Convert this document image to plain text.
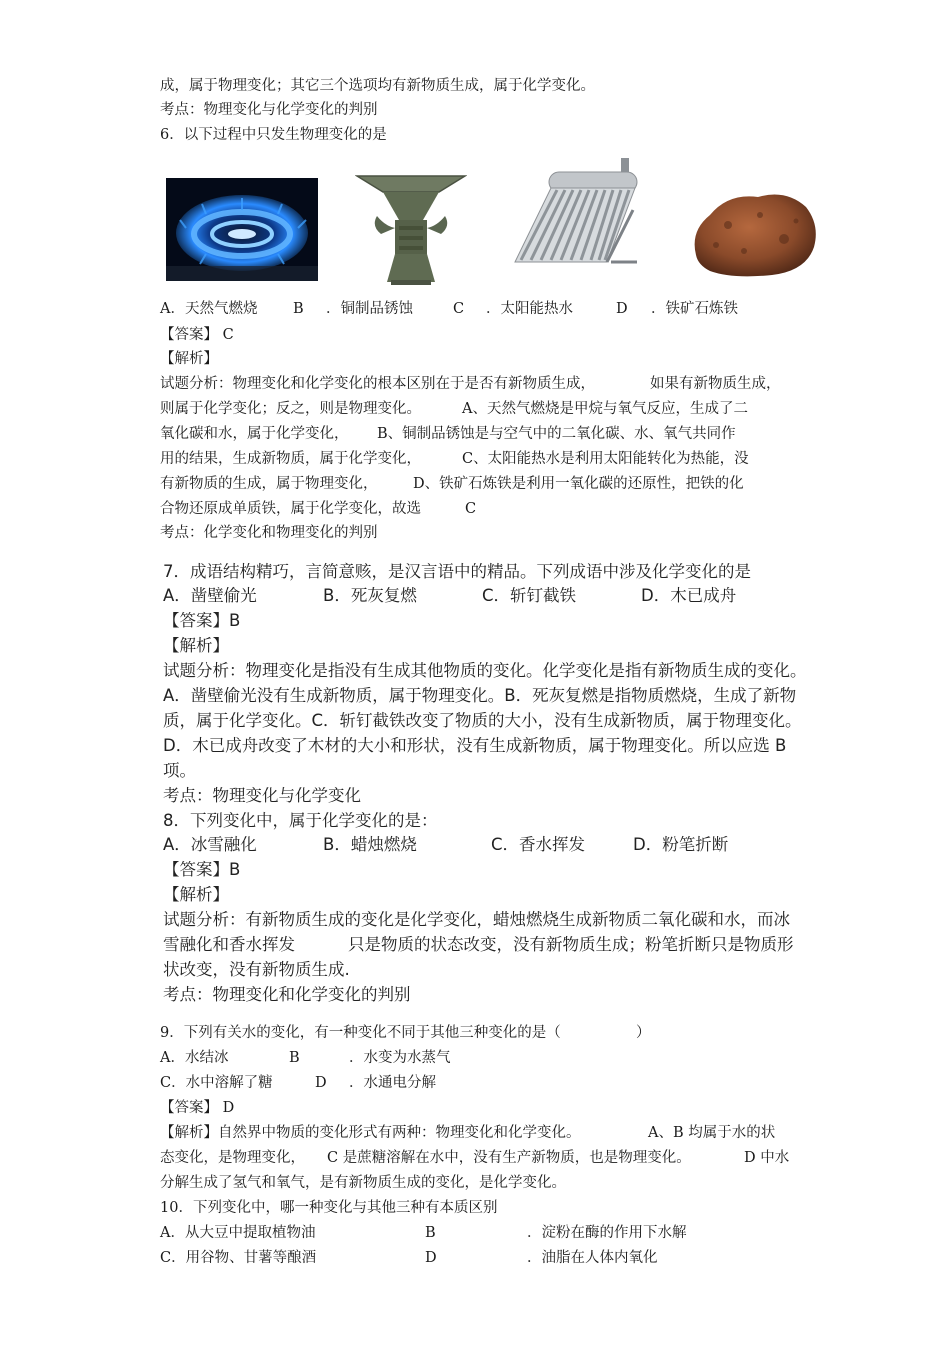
成，属于物理变化；其它三个选项均有新物质生成，属于化学变化。
考点：物理变化与化学变化的判别
6．以下过程中只发生物理变化的是
A．天然气燃烧 B ．铜制品锈蚀	C ．太阳能热水	D ．铁矿石炼铁
【答案】 C
【解析】
试题分析：物理变化和化学变化的根本区别在于是否有新物质生成，	如果有新物质生成，
则属于化学变化；反之，则是物理变化。	A、天然气燃烧是甲烷与氧气反应，生成了二
氧化碳和水，属于化学变化， B、铜制品锈蚀是与空气中的二氧化碳、水、氧气共同作
用的结果，生成新物质，属于化学变化，	C、太阳能热水是利用太阳能转化为热能，没
有新物质的生成，属于物理变化， D、铁矿石炼铁是利用一氧化碳的还原性，把铁的化
合物还原成单质铁，属于化学变化，故选	C
考点：化学变化和物理变化的判别
7．成语结构精巧，言简意赅，是汉言语中的精品。下列成语中涉及化学变化的是
A．凿壁偷光	B．死灰复燃	C．斩钉截铁	D．木已成舟
【答案】B
【解析】
试题分析：物理变化是指没有生成其他物质的变化。化学变化是指有新物质生成的变化。
A．凿壁偷光没有生成新物质，属于物理变化。B．死灰复燃是指物质燃烧，生成了新物
质，属于化学变化。C．斩钉截铁改变了物质的大小，没有生成新物质，属于物理变化。
D．木已成舟改变了木材的大小和形状，没有生成新物质，属于物理变化。所以应选 B
项。
考点：物理变化与化学变化
8．下列变化中，属于化学变化的是：
A．冰雪融化	B．蜡烛燃烧	C．香水挥发	D．粉笔折断
【答案】B
【解析】
试题分析：有新物质生成的变化是化学变化，蜡烛燃烧生成新物质二氧化碳和水，而冰
雪融化和香水挥发	只是物质的状态改变，没有新物质生成；粉笔折断只是物质形
状改变，没有新物质生成.
考点：物理变化和化学变化的判别
9．下列有关水的变化，有一种变化不同于其他三种变化的是（	）
A．水结冰	B	．水变为水蒸气
C．水中溶解了糖	D ．水通电分解
【答案】 D
【解析】自然界中物质的变化形式有两种：物理变化和化学变化。	A、B 均属于水的状
态变化，是物理变化， C 是蔗糖溶解在水中，没有生产新物质，也是物理变化。	D 中水
分解生成了氢气和氧气，是有新物质生成的变化，是化学变化。
10．下列变化中，哪一种变化与其他三种有本质区别
A．从大豆中提取植物油	B	．淀粉在酶的作用下水解
C．用谷物、甘薯等酿酒	D	．油脂在人体内氧化
